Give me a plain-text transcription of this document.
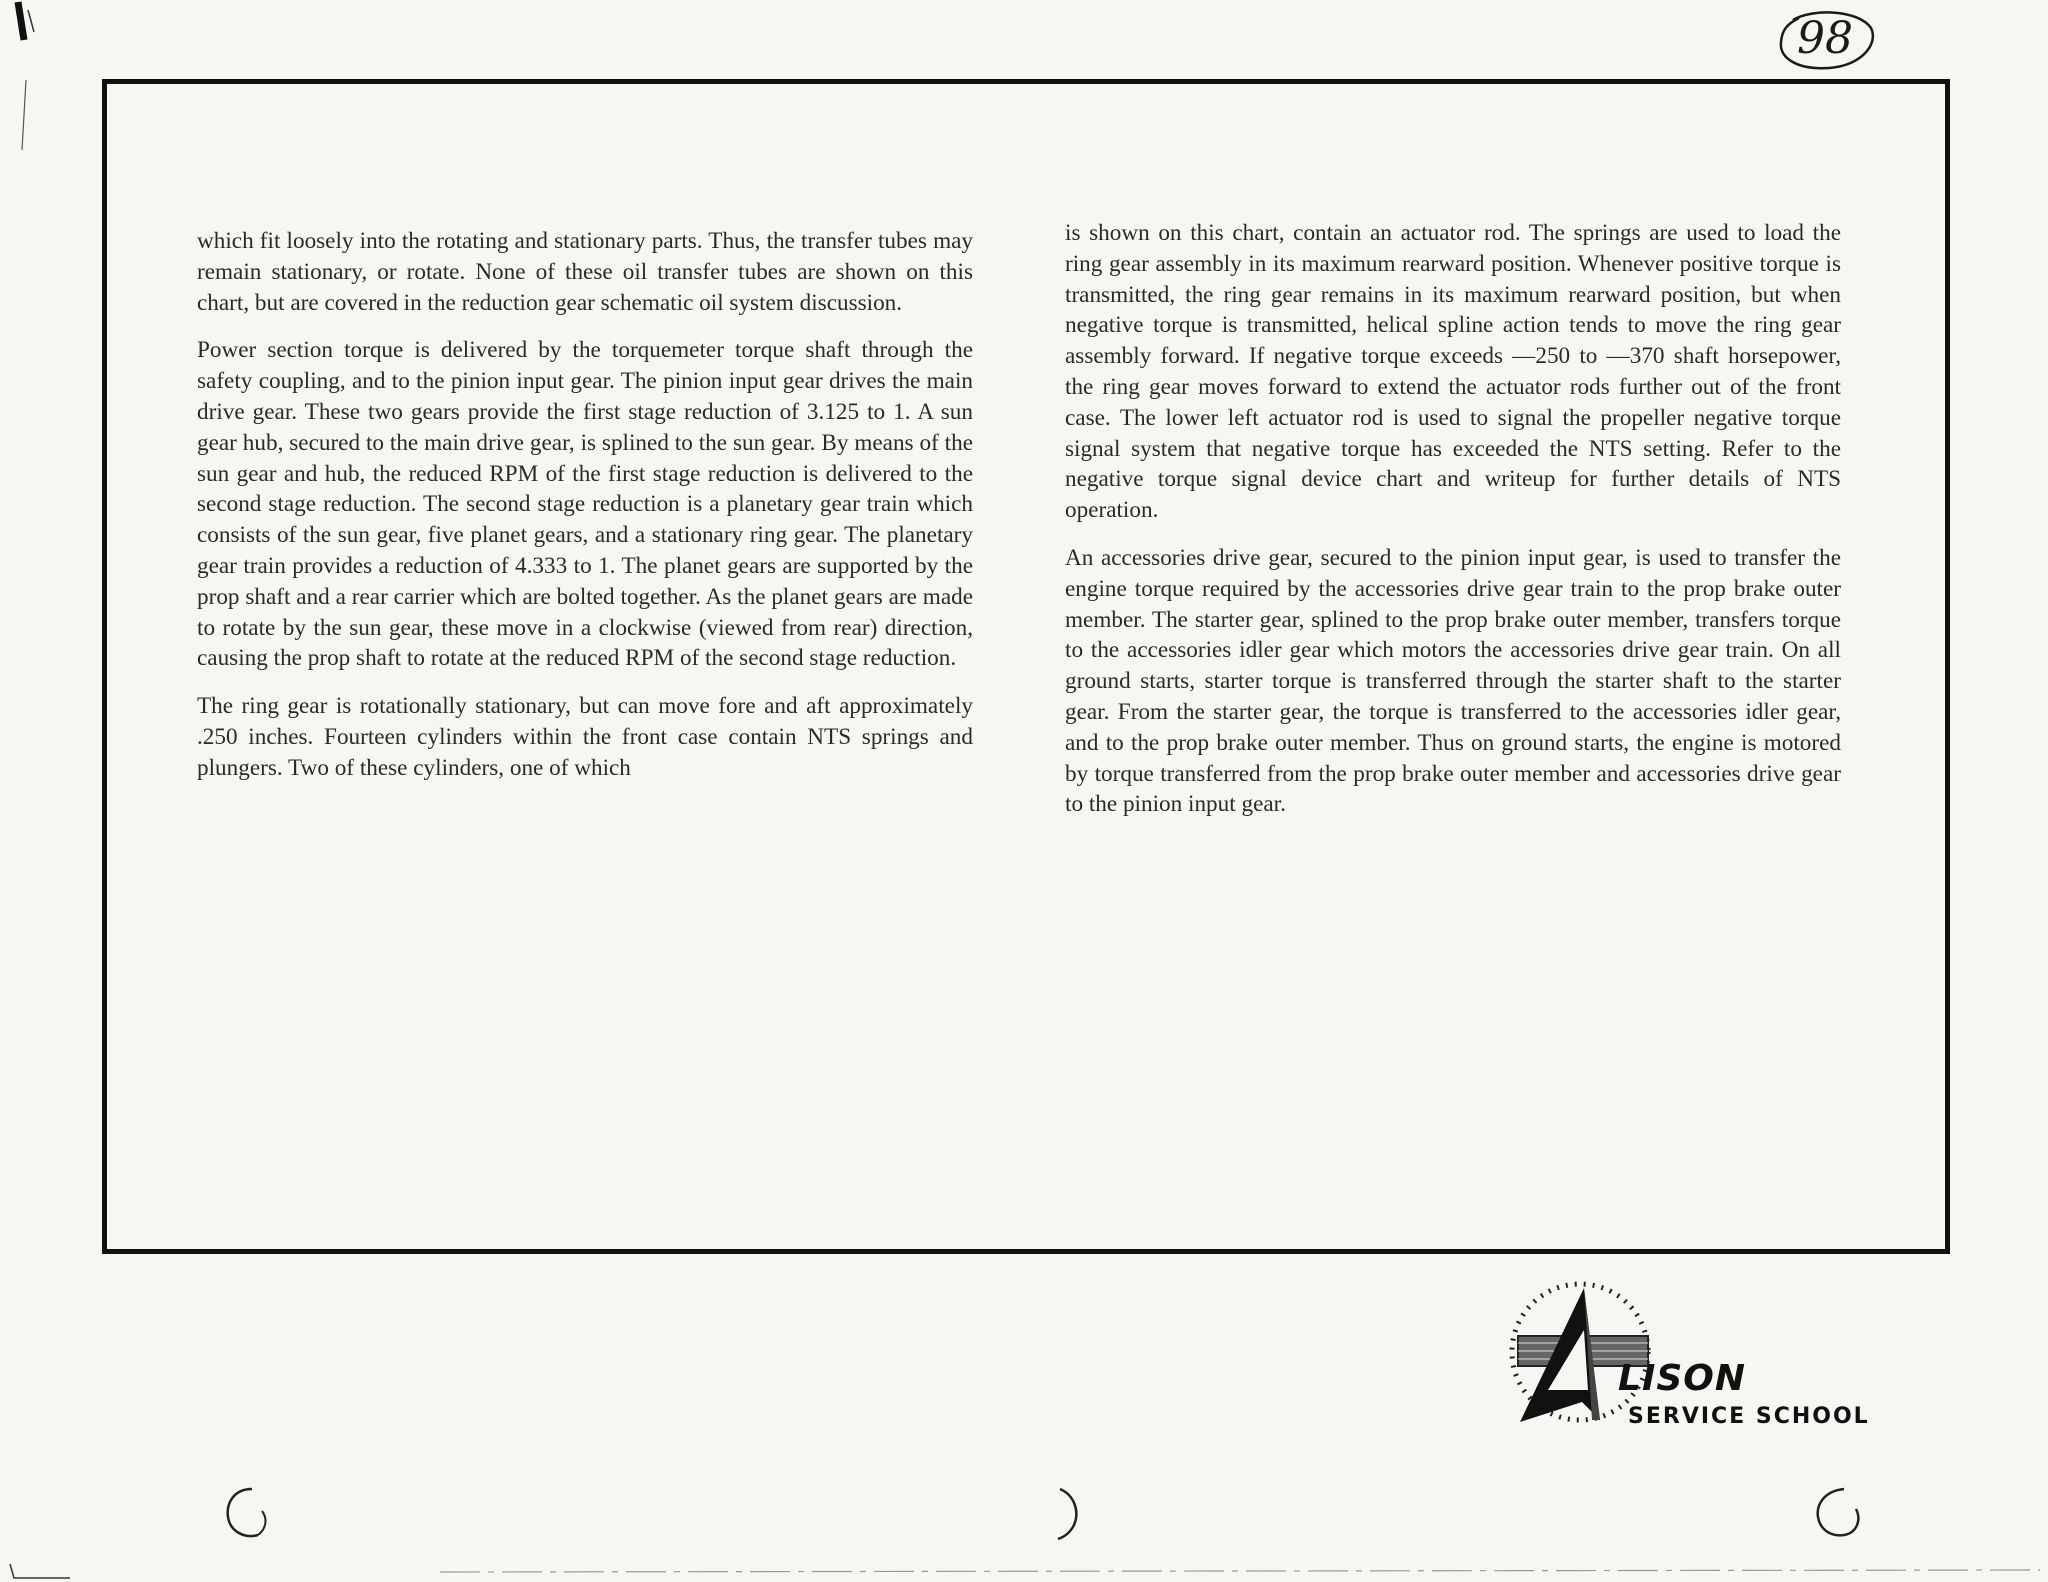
98

which fit loosely into the rotating and stationary parts. Thus, the transfer tubes may remain stationary, or rotate. None of these oil transfer tubes are shown on this chart, but are covered in the reduction gear schematic oil system discussion.

Power section torque is delivered by the torquemeter torque shaft through the safety coupling, and to the pinion input gear. The pinion input gear drives the main drive gear. These two gears provide the first stage reduction of 3.125 to 1. A sun gear hub, secured to the main drive gear, is splined to the sun gear. By means of the sun gear and hub, the reduced RPM of the first stage reduction is delivered to the second stage reduction. The second stage reduction is a planetary gear train which consists of the sun gear, five planet gears, and a stationary ring gear. The planetary gear train provides a reduction of 4.333 to 1. The planet gears are supported by the prop shaft and a rear carrier which are bolted together. As the planet gears are made to rotate by the sun gear, these move in a clockwise (viewed from rear) direction, causing the prop shaft to rotate at the reduced RPM of the second stage reduction.

The ring gear is rotationally stationary, but can move fore and aft approximately .250 inches. Fourteen cylinders within the front case contain NTS springs and plungers. Two of these cylinders, one of which

is shown on this chart, contain an actuator rod. The springs are used to load the ring gear assembly in its maximum rearward position. Whenever positive torque is transmitted, the ring gear remains in its maximum rearward position, but when negative torque is transmitted, helical spline action tends to move the ring gear assembly forward. If negative torque exceeds —250 to —370 shaft horsepower, the ring gear moves forward to extend the actuator rods further out of the front case. The lower left actuator rod is used to signal the propeller negative torque signal system that negative torque has exceeded the NTS setting. Refer to the negative torque signal device chart and writeup for further details of NTS operation.

An accessories drive gear, secured to the pinion input gear, is used to transfer the engine torque required by the accessories drive gear train to the prop brake outer member. The starter gear, splined to the prop brake outer member, transfers torque to the accessories idler gear which motors the accessories drive gear train. On all ground starts, starter torque is transferred through the starter shaft to the starter gear. From the starter gear, the torque is transferred to the accessories idler gear, and to the prop brake outer member. Thus on ground starts, the engine is motored by torque transferred from the prop brake outer member and accessories drive gear to the pinion input gear.

LISON
SERVICE SCHOOL
